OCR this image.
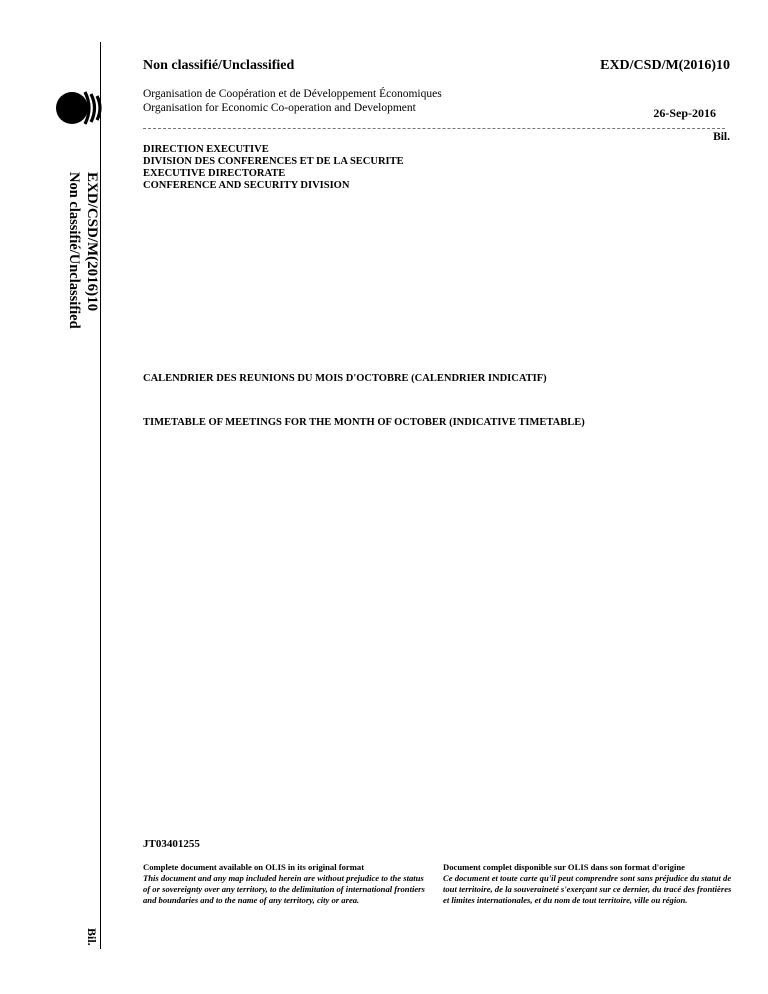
EXD/CSD/M(2016)10
Non classifié/Unclassified
Bil.
Non classifié/Unclassified	EXD/CSD/M(2016)10
Organisation de Coopération et de Développement Économiques
Organisation for Economic Co-operation and Development	26-Sep-2016
Bil.
DIRECTION EXECUTIVE
DIVISION DES CONFERENCES ET DE LA SECURITE
EXECUTIVE DIRECTORATE
CONFERENCE AND SECURITY DIVISION
CALENDRIER DES REUNIONS DU MOIS D'OCTOBRE (CALENDRIER INDICATIF)
TIMETABLE OF MEETINGS FOR THE MONTH OF OCTOBER (INDICATIVE TIMETABLE)
JT03401255
Complete document available on OLIS in its original format
This document and any map included herein are without prejudice to the status of or sovereignty over any territory, to the delimitation of international frontiers and boundaries and to the name of any territory, city or area.
Document complet disponible sur OLIS dans son format d'origine
Ce document et toute carte qu'il peut comprendre sont sans préjudice du statut de tout territoire, de la souveraineté s'exerçant sur ce dernier, du tracé des frontières et limites internationales, et du nom de tout territoire, ville ou région.
